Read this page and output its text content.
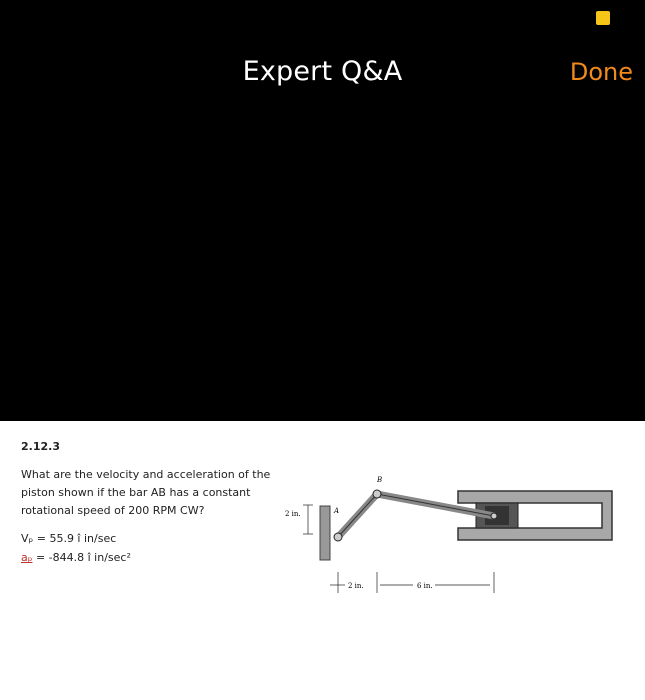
Expert Q&A	Done
2.12.3
What are the velocity and acceleration of the piston shown if the bar AB has a constant rotational speed of 200 RPM CW?
Vₚ = 55.9 î in/sec
aₚ = -844.8 î in/sec²
A
B
2 in.
2 in.	6 in.
